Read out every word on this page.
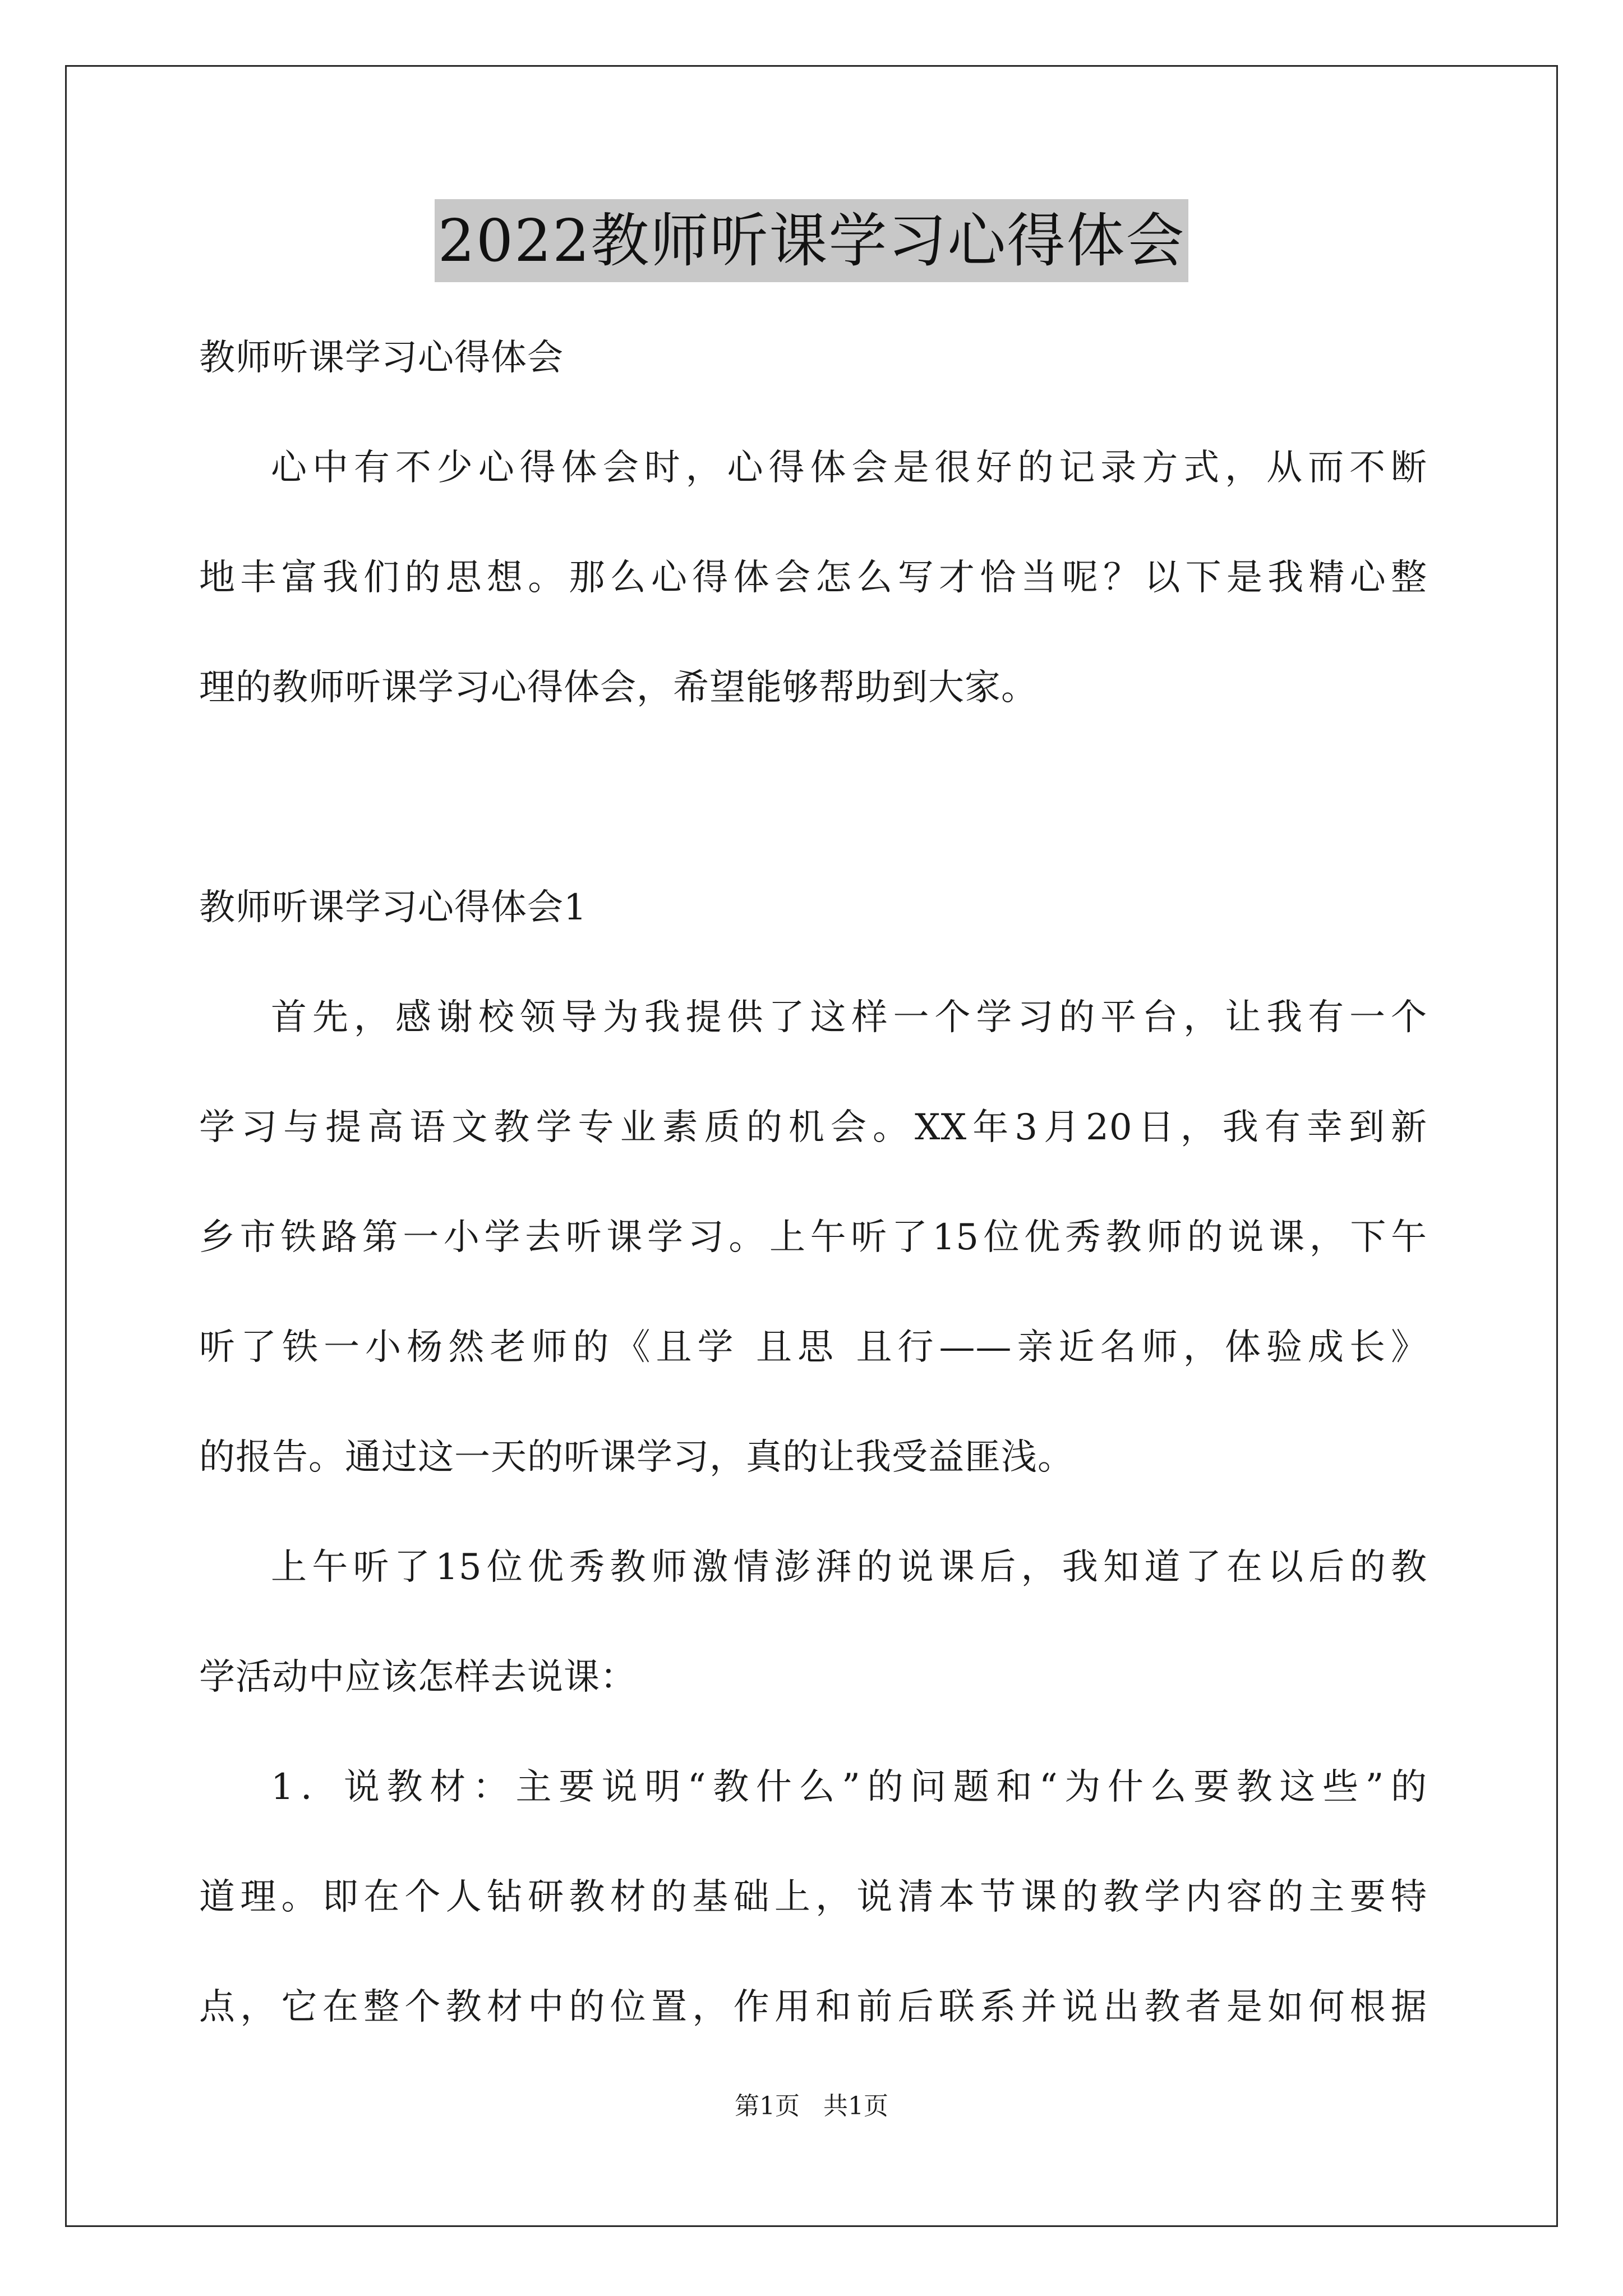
2022教师听课学习心得体会
教师听课学习心得体会
心中有不少心得体会时，心得体会是很好的记录方式，从而不断
地丰富我们的思想。那么心得体会怎么写才恰当呢？以下是我精心整
理的教师听课学习心得体会，希望能够帮助到大家。
教师听课学习心得体会1
首先，感谢校领导为我提供了这样一个学习的平台，让我有一个
学习与提高语文教学专业素质的机会。XX年3月20日，我有幸到新
乡市铁路第一小学去听课学习。上午听了15位优秀教师的说课，下午
听了铁一小杨然老师的《且学 且思 且行——亲近名师，体验成长》
的报告。通过这一天的听课学习，真的让我受益匪浅。
上午听了15位优秀教师激情澎湃的说课后，我知道了在以后的教
学活动中应该怎样去说课：
1．说教材：主要说明“教什么”的问题和“为什么要教这些”的
道理。即在个人钻研教材的基础上，说清本节课的教学内容的主要特
点，它在整个教材中的位置，作用和前后联系并说出教者是如何根据
第1页 共1页
